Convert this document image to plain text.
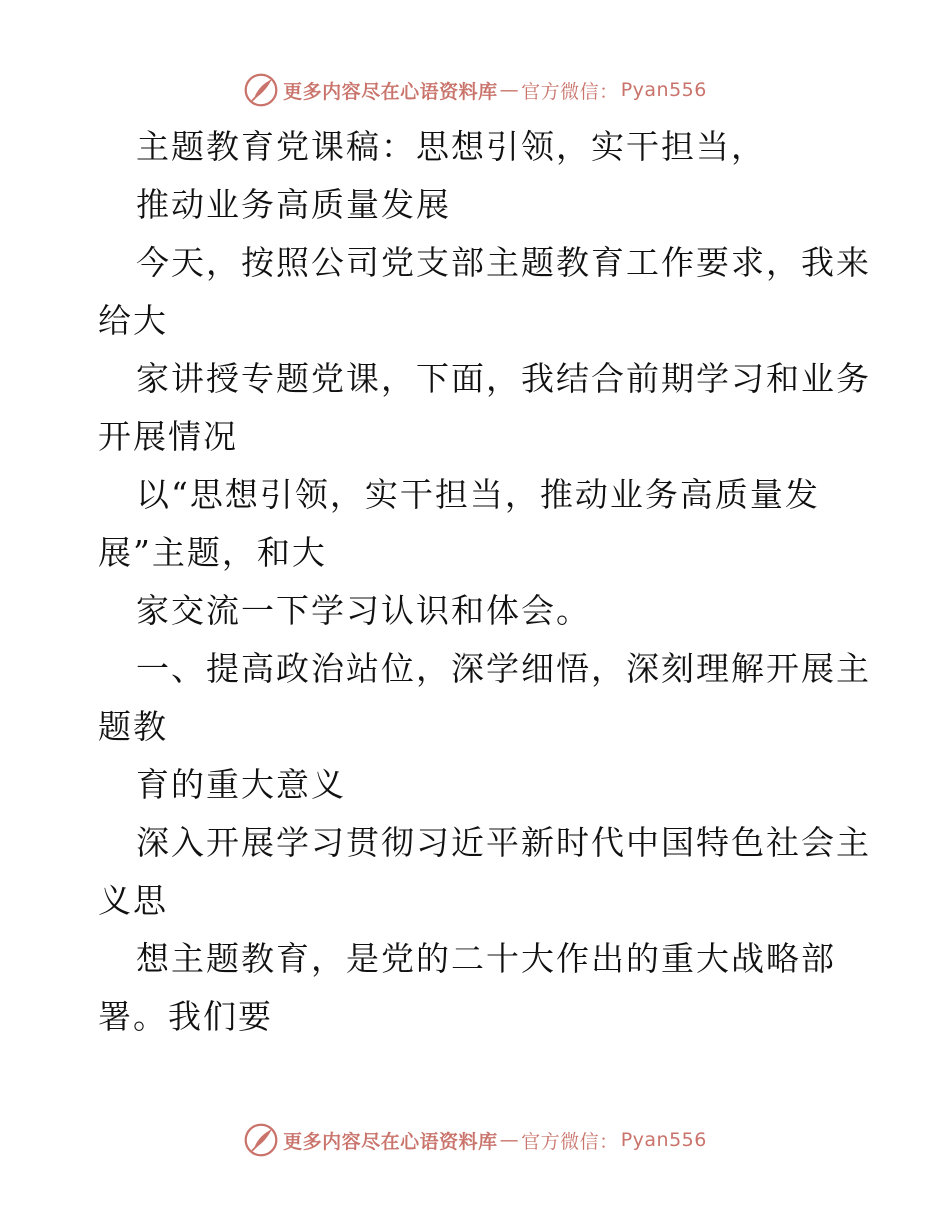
更多内容尽在心语资料库 — 官方微信： Pyan556
主题教育党课稿：思想引领，实干担当，
推动业务高质量发展
今天，按照公司党支部主题教育工作要求，我来
给大
家讲授专题党课，下面，我结合前期学习和业务
开展情况
以“思想引领，实干担当，推动业务高质量发
展”主题，和大
家交流一下学习认识和体会。
一、提高政治站位，深学细悟，深刻理解开展主
题教
育的重大意义
深入开展学习贯彻习近平新时代中国特色社会主
义思
想主题教育，是党的二十大作出的重大战略部
署。我们要
更多内容尽在心语资料库 — 官方微信： Pyan556
